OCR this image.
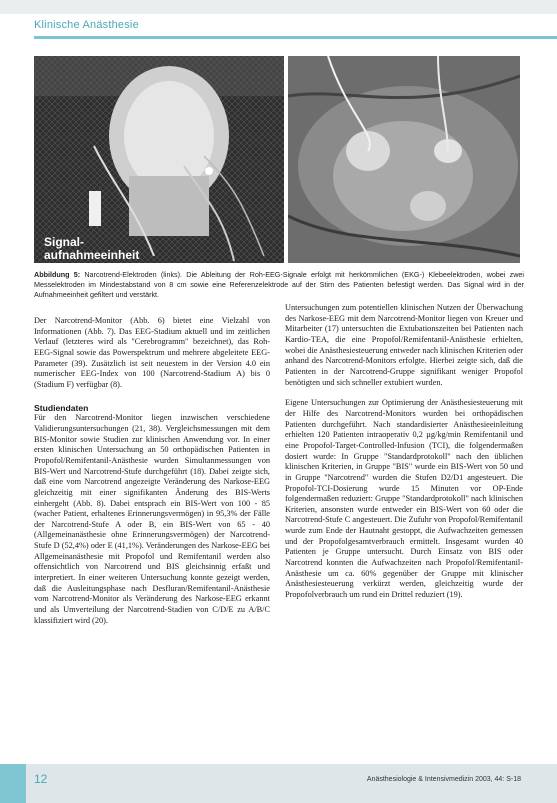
Klinische Anästhesie
Signal-
aufnahmeeinheit
Abbildung 5: Narcotrend-Elektroden (links). Die Ableitung der Roh-EEG-Signale erfolgt mit herkömmlichen (EKG-) Klebeelektroden, wobei zwei Messelektroden im Mindestabstand von 8 cm sowie eine Referenzelektrode auf der Stirn des Patienten befestigt werden. Das Signal wird in der Aufnahmeeinheit gefiltert und verstärkt.

Der Narcotrend-Monitor (Abb. 6) bietet eine Vielzahl von Informationen (Abb. 7). Das EEG-Stadium aktuell und im zeitlichen Verlauf (letzteres wird als "Cerebrogramm" bezeichnet), das Roh-EEG-Signal sowie das Powerspektrum und mehrere abgeleitete EEG-Parameter (39). Zusätzlich ist seit neuestem in der Version 4.0 ein numerischer EEG-Index von 100 (Narcotrend-Stadium A) bis 0 (Stadium F) verfügbar (8).

Studiendaten

Für den Narcotrend-Monitor liegen inzwischen verschiedene Validierungsuntersuchungen (21, 38). Vergleichsmessungen mit dem BIS-Monitor sowie Studien zur klinischen Anwendung vor. In einer ersten klinischen Untersuchung an 50 orthopädischen Patienten in Propofol/Remifentanil-Anästhesie wurden Simultanmessungen von BIS-Wert und Narcotrend-Stufe durchgeführt (18). Dabei zeigte sich, daß eine vom Narcotrend angezeigte Veränderung des Narkose-EEG gleichzeitig mit einer signifikanten Änderung des BIS-Werts einhergeht (Abb. 8). Dabei entsprach ein BIS-Wert von 100 - 85 (wacher Patient, erhaltenes Erinnerungsvermögen) in 95,3% der Fälle der Narcotrend-Stufe A oder B, ein BIS-Wert von 65 - 40 (Allgemeinanästhesie ohne Erinnerungsvermögen) der Narcotrend-Stufe D (52,4%) oder E (41,1%). Veränderungen des Narkose-EEG bei Allgemeinanästhesie mit Propofol und Remifentanil werden also offensichtlich von Narcotrend und BIS gleichsinnig erfaßt und interpretiert. In einer weiteren Untersuchung konnte gezeigt werden, daß die Ausleitungsphase nach Desfluran/Remifentanil-Anästhesie vom Narcotrend-Monitor als Veränderung des Narkose-EEG erkannt und als Umverteilung der Narcotrend-Stadien von C/D/E zu A/B/C klassifiziert wird (20).

Untersuchungen zum potentiellen klinischen Nutzen der Überwachung des Narkose-EEG mit dem Narcotrend-Monitor liegen von Kreuer und Mitarbeiter (17) untersuchten die Extubationszeiten bei Patienten nach Kardio-TEA, die eine Propofol/Remifentanil-Anästhesie erhielten, wobei die Anästhesiesteuerung entweder nach klinischen Kriterien oder anhand des Narcotrend-Monitors erfolgte. Hierbei zeigte sich, daß die Patienten in der Narcotrend-Gruppe signifikant weniger Propofol benötigten und sich schneller extubiert wurden.

Eigene Untersuchungen zur Optimierung der Anästhesiesteuerung mit der Hilfe des Narcotrend-Monitors wurden bei orthopädischen Patienten durchgeführt. Nach standardisierter Anästhesieeinleitung erhielten 120 Patienten intraoperativ 0,2 µg/kg/min Remifentanil und eine Propofol-Target-Controlled-Infusion (TCI), die folgendermaßen dosiert wurde: In Gruppe "Standardprotokoll" nach den üblichen klinischen Kriterien, in Gruppe "BIS" wurde ein BIS-Wert von 50 und in Gruppe "Narcotrend" wurden die Stufen D2/D1 angesteuert. Die Propofol-TCI-Dosierung wurde 15 Minuten vor OP-Ende folgendermaßen reduziert: Gruppe "Standardprotokoll" nach klinischen Kriterien, ansonsten wurde entweder ein BIS-Wert von 60 oder die Narcotrend-Stufe C angesteuert. Die Zufuhr von Propofol/Remifentanil wurde zum Ende der Hautnaht gestoppt, die Aufwachzeiten gemessen und der Propofolgesamtverbrauch ermittelt. Insgesamt wurden 40 Patienten je Gruppe untersucht. Durch Einsatz von BIS oder Narcotrend konnten die Aufwachzeiten nach Propofol/Remifentanil-Anästhesie um ca. 60% gegenüber der Gruppe mit klinischer Anästhesiesteuerung verkürzt werden, gleichzeitig wurde der Propofolverbrauch um rund ein Drittel reduziert (19).

12	Anästhesiologie & Intensivmedizin 2003, 44: S-18
